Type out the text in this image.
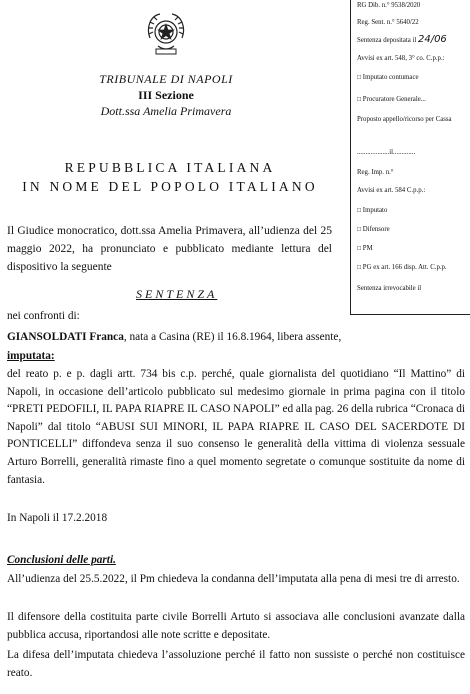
TRIBUNALE DI NAPOLI
III Sezione
Dott.ssa Amelia Primavera
RG Dib. n.° 9538/2020
Reg. Sent. n.° 5640/22
Sentenza depositata il 24/06
Avvisi ex art. 548, 3° co. C.p.p.:
□ Imputato contumace
□ Procuratore Generale...
Proposto appello/ricorso per Cassa
...................il.............
Reg. Imp. n.°
Avvisi ex art. 584 C.p.p.:
□ Imputato
□ Difensore
□ PM
□ PG ex art. 166 disp. Att. C.p.p.
Sentenza irrevocabile il
REPUBBLICA ITALIANA
IN NOME DEL POPOLO ITALIANO
Il Giudice monocratico, dott.ssa Amelia Primavera, all’udienza del 25 maggio 2022, ha pronunciato e pubblicato mediante lettura del dispositivo la seguente
SENTENZA
nei confronti di:
GIANSOLDATI Franca, nata a Casina (RE) il 16.8.1964, libera assente,
imputata:
del reato p. e p. dagli artt. 734 bis c.p. perché, quale giornalista del quotidiano “Il Mattino” di Napoli, in occasione dell’articolo pubblicato sul medesimo giornale in prima pagina con il titolo “PRETI PEDOFILI, IL PAPA RIAPRE IL CASO NAPOLI” ed alla pag. 26 della rubrica “Cronaca di Napoli” dal titolo “ABUSI SUI MINORI, IL PAPA RIAPRE IL CASO DEL SACERDOTE DI PONTICELLI” diffondeva senza il suo consenso le generalità della vittima di violenza sessuale Arturo Borrelli, generalità rimaste fino a quel momento segretate o comunque sostituite da nome di fantasia.
In Napoli il 17.2.2018
Conclusioni delle parti.
All’udienza del 25.5.2022, il Pm chiedeva la condanna dell’imputata alla pena di mesi tre di arresto.
Il difensore della costituita parte civile Borrelli Artuto si associava alle conclusioni avanzate dalla pubblica accusa, riportandosi alle note scritte e depositate.
La difesa dell’imputata chiedeva l’assoluzione perché il fatto non sussiste o perché non costituisce reato.
